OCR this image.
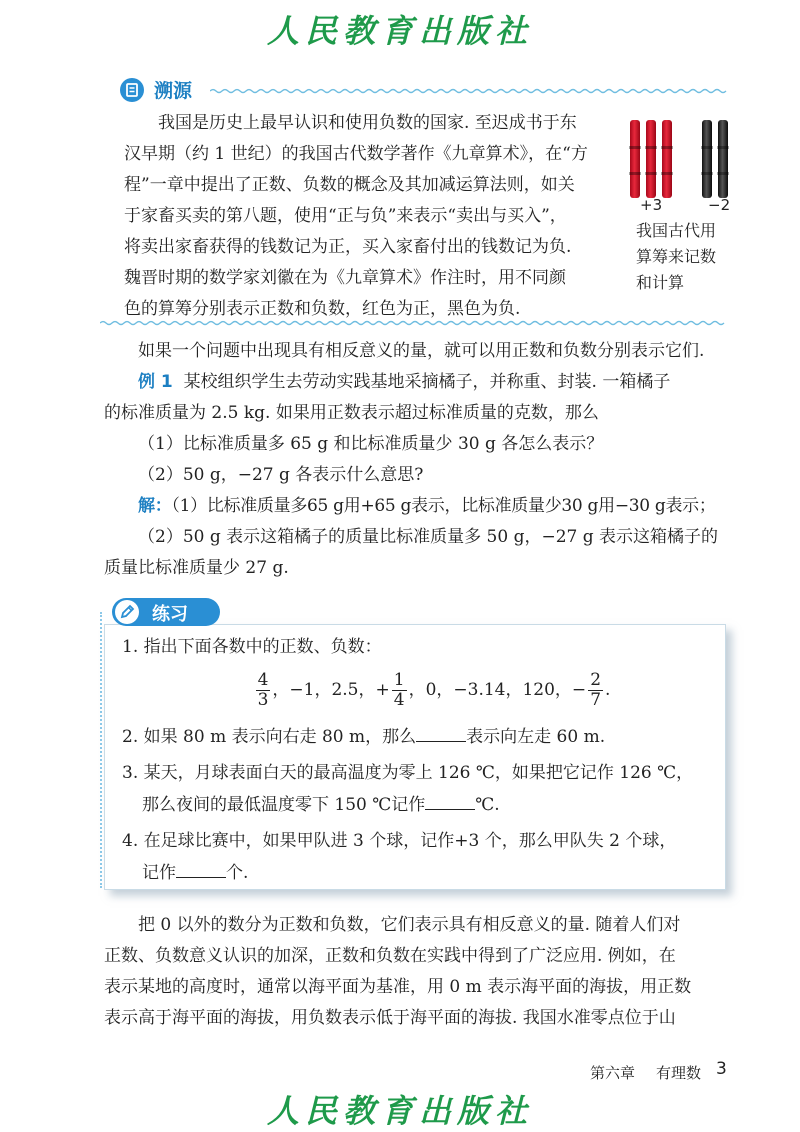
人民教育出版社
溯源

我国是历史上最早认识和使用负数的国家. 至迟成书于东

汉早期（约 1 世纪）的我国古代数学著作《九章算术》，在“方

程”一章中提出了正数、负数的概念及其加减运算法则，如关

于家畜买卖的第八题，使用“正与负”来表示“卖出与买入”，

将卖出家畜获得的钱数记为正，买入家畜付出的钱数记为负.

魏晋时期的数学家刘徽在为《九章算术》作注时，用不同颜

色的算筹分别表示正数和负数，红色为正，黑色为负.

+3	−2
我国古代用
算筹来记数
和计算

如果一个问题中出现具有相反意义的量，就可以用正数和负数分别表示它们.

例 1 某校组织学生去劳动实践基地采摘橘子，并称重、封装. 一箱橘子

的标准质量为 2.5 kg. 如果用正数表示超过标准质量的克数，那么

（1）比标准质量多 65 g 和比标准质量少 30 g 各怎么表示？

（2）50 g，−27 g 各表示什么意思?

解：（1）比标准质量多65 g用+65 g表示，比标准质量少30 g用−30 g表示；

（2）50 g 表示这箱橘子的质量比标准质量多 50 g，−27 g 表示这箱橘子的

质量比标准质量少 27 g.

练习
1. 指出下面各数中的正数、负数：
$\frac{4}{3}$ ，−1，2.5，+ $\frac{1}{4}$ ，0，−3.14，120，− $\frac{2}{7}$ .
2. 如果 80 m 表示向右走 80 m，那么	表示向左走 60 m.
3. 某天，月球表面白天的最高温度为零上 126 ℃，如果把它记作 126 ℃，
那么夜间的最低温度零下 150 ℃记作	℃.
4. 在足球比赛中，如果甲队进 3 个球，记作+3 个，那么甲队失 2 个球，
记作	个.

把 0 以外的数分为正数和负数，它们表示具有相反意义的量. 随着人们对

正数、负数意义认识的加深，正数和负数在实践中得到了广泛应用. 例如，在

表示某地的高度时，通常以海平面为基准，用 0 m 表示海平面的海拔，用正数

表示高于海平面的海拔，用负数表示低于海平面的海拔. 我国水准零点位于山

第六章 有理数 3
人民教育出版社
